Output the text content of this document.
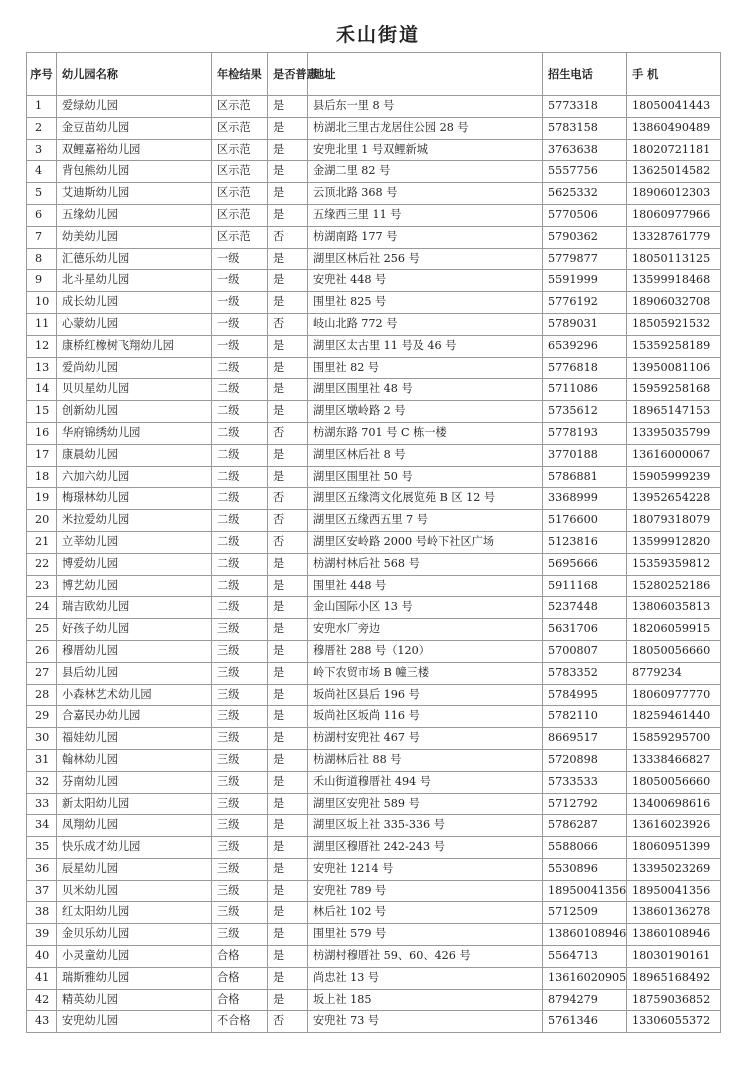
禾山街道
序号	幼儿园名称	年检结果	是否普惠	地址	招生电话	手 机
1	爱绿幼儿园	区示范	是	县后东一里 8 号	5773318	18050041443
2	金豆苗幼儿园	区示范	是	枋湖北三里古龙居住公园 28 号	5783158	13860490489
3	双鲤嘉裕幼儿园	区示范	是	安兜北里 1 号双鲤新城	3763638	18020721181
4	背包熊幼儿园	区示范	是	金湖二里 82 号	5557756	13625014582
5	艾迪斯幼儿园	区示范	是	云顶北路 368 号	5625332	18906012303
6	五缘幼儿园	区示范	是	五缘西三里 11 号	5770506	18060977966
7	幼美幼儿园	区示范	否	枋湖南路 177 号	5790362	13328761779
8	汇德乐幼儿园	一级	是	湖里区林后社 256 号	5779877	18050113125
9	北斗星幼儿园	一级	是	安兜社 448 号	5591999	13599918468
10	成长幼儿园	一级	是	围里社 825 号	5776192	18906032708
11	心蒙幼儿园	一级	否	岐山北路 772 号	5789031	18505921532
12	康桥红橡树飞翔幼儿园	一级	是	湖里区太古里 11 号及 46 号	6539296	15359258189
13	爱尚幼儿园	二级	是	围里社 82 号	5776818	13950081106
14	贝贝星幼儿园	二级	是	湖里区围里社 48 号	5711086	15959258168
15	创新幼儿园	二级	是	湖里区墩岭路 2 号	5735612	18965147153
16	华府锦绣幼儿园	二级	否	枋湖东路 701 号 C 栋一楼	5778193	13395035799
17	康晨幼儿园	二级	是	湖里区林后社 8 号	3770188	13616000067
18	六加六幼儿园	二级	是	湖里区围里社 50 号	5786881	15905999239
19	梅璟林幼儿园	二级	否	湖里区五缘湾文化展览苑 B 区 12 号	3368999	13952654228
20	米拉爱幼儿园	二级	否	湖里区五缘西五里 7 号	5176600	18079318079
21	立莘幼儿园	二级	否	湖里区安岭路 2000 号岭下社区广场	5123816	13599912820
22	博爱幼儿园	二级	是	枋湖村林后社 568 号	5695666	15359359812
23	博艺幼儿园	二级	是	围里社 448 号	5911168	15280252186
24	瑞吉欧幼儿园	二级	是	金山国际小区 13 号	5237448	13806035813
25	好孩子幼儿园	三级	是	安兜水厂旁边	5631706	18206059915
26	穆厝幼儿园	三级	是	穆厝社 288 号（120）	5700807	18050056660
27	县后幼儿园	三级	是	岭下农贸市场 B 幢三楼	5783352	8779234
28	小森林艺术幼儿园	三级	是	坂尚社区县后 196 号	5784995	18060977770
29	合嘉民办幼儿园	三级	是	坂尚社区坂尚 116 号	5782110	18259461440
30	福娃幼儿园	三级	是	枋湖村安兜社 467 号	8669517	15859295700
31	翰林幼儿园	三级	是	枋湖林后社 88 号	5720898	13338466827
32	芬南幼儿园	三级	是	禾山街道穆厝社 494 号	5733533	18050056660
33	新太阳幼儿园	三级	是	湖里区安兜社 589 号	5712792	13400698616
34	凤翔幼儿园	三级	是	湖里区坂上社 335-336 号	5786287	13616023926
35	快乐成才幼儿园	三级	是	湖里区穆厝社 242-243 号	5588066	18060951399
36	辰星幼儿园	三级	是	安兜社 1214 号	5530896	13395023269
37	贝米幼儿园	三级	是	安兜社 789 号	18950041356	18950041356
38	红太阳幼儿园	三级	是	林后社 102 号	5712509	13860136278
39	金贝乐幼儿园	三级	是	围里社 579 号	13860108946	13860108946
40	小灵童幼儿园	合格	是	枋湖村穆厝社 59、60、426 号	5564713	18030190161
41	瑞斯雅幼儿园	合格	是	尚忠社 13 号	13616020905	18965168492
42	精英幼儿园	合格	是	坂上社 185	8794279	18759036852
43	安兜幼儿园	不合格	否	安兜社 73 号	5761346	13306055372
